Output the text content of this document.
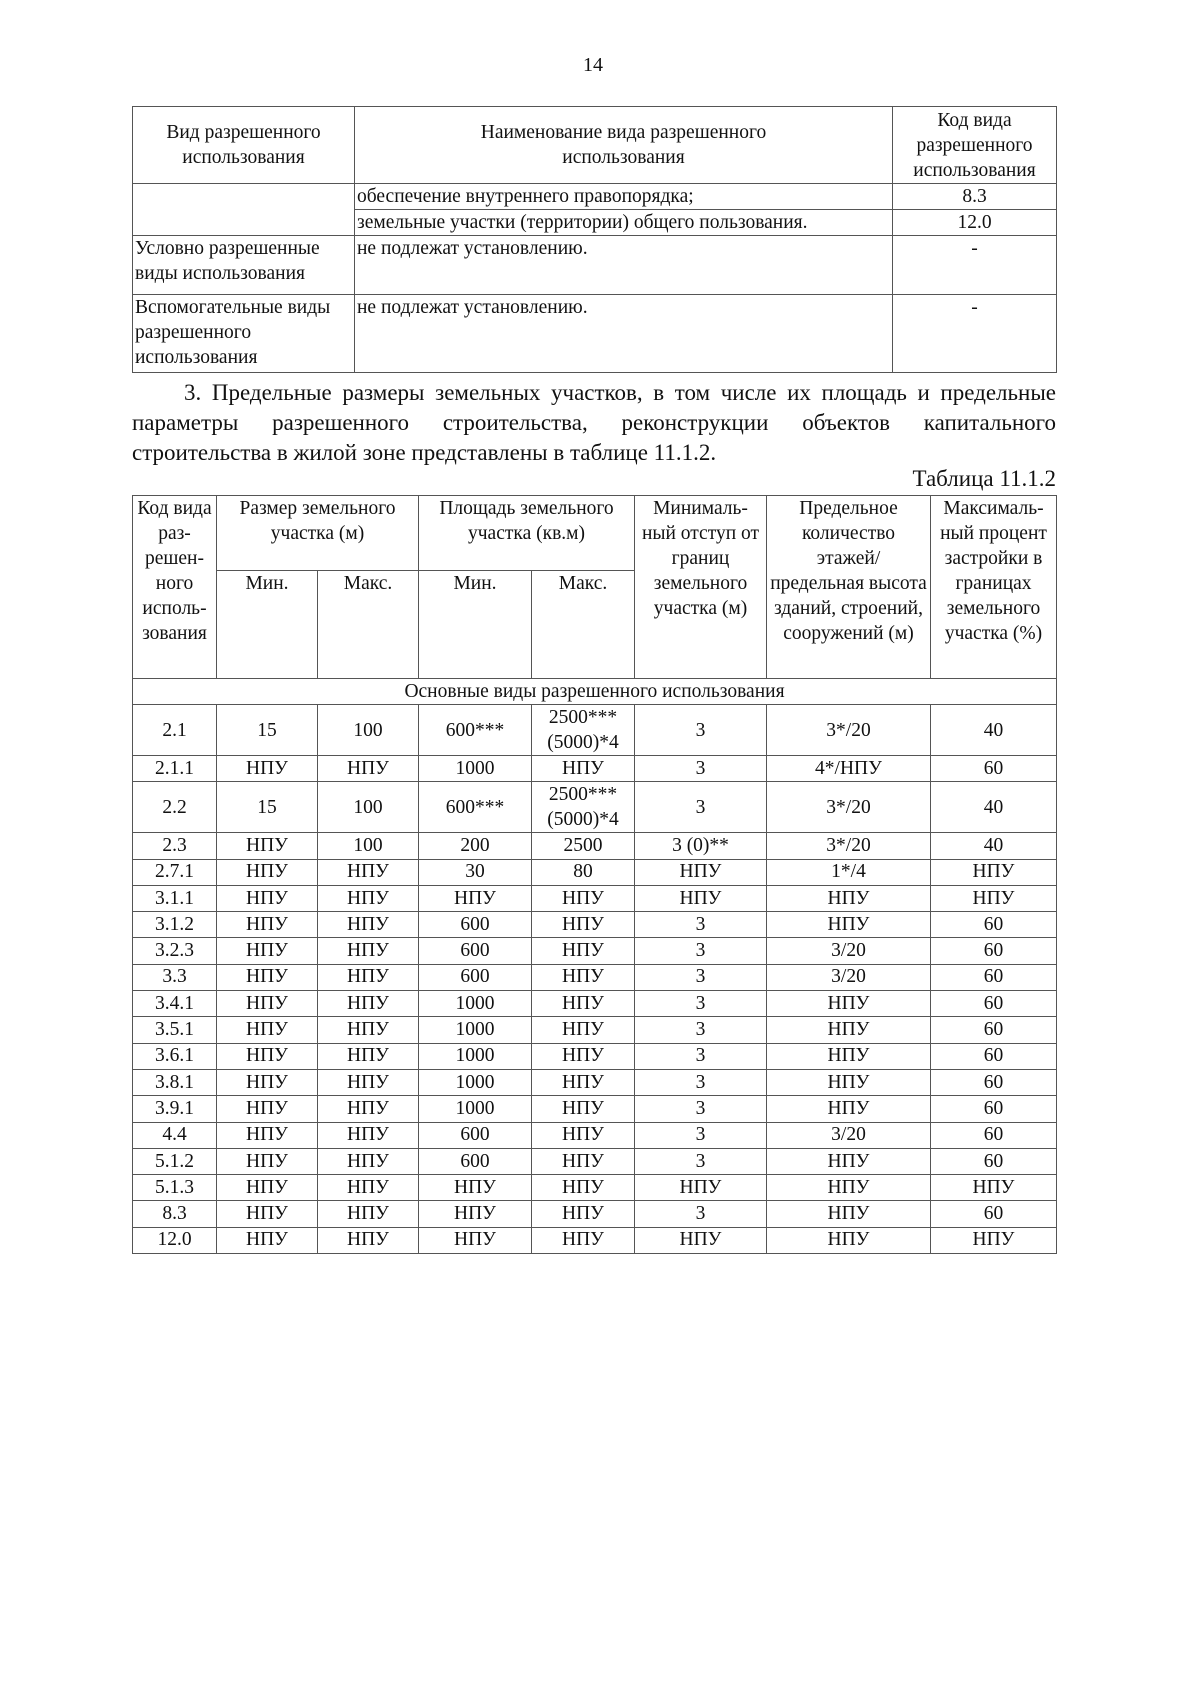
14
Вид разрешенного использования	Наименование вида разрешенного использования	Код вида разрешенного использования
	обеспечение внутреннего правопорядка;	8.3
	земельные участки (территории) общего пользования.	12.0
Условно разрешенные виды использования	не подлежат установлению.	-
Вспомогательные виды разрешенного использования	не подлежат установлению.	-
3. Предельные размеры земельных участков, в том числе их площадь и предельные параметры разрешенного строительства, реконструкции объектов капитального строительства в жилой зоне представлены в таблице 11.1.2.
Таблица 11.1.2
Код вида раз-решен-ного исполь-зования	Размер земельного участка (м)		Площадь земельного участка (кв.м)		Минималь-ный отступ от границ земельного участка (м)	Предельное количество этажей/ предельная высота зданий, строений, сооружений (м)	Максималь-ный процент застройки в границах земельного участка (%)
	Мин.	Макс.	Мин.	Макс.			
Основные виды разрешенного использования							
2.1	15	100	600***	2500*** (5000)*4	3	3*/20	40
2.1.1	НПУ	НПУ	1000	НПУ	3	4*/НПУ	60
2.2	15	100	600***	2500*** (5000)*4	3	3*/20	40
2.3	НПУ	100	200	2500	3 (0)**	3*/20	40
2.7.1	НПУ	НПУ	30	80	НПУ	1*/4	НПУ
3.1.1	НПУ	НПУ	НПУ	НПУ	НПУ	НПУ	НПУ
3.1.2	НПУ	НПУ	600	НПУ	3	НПУ	60
3.2.3	НПУ	НПУ	600	НПУ	3	3/20	60
3.3	НПУ	НПУ	600	НПУ	3	3/20	60
3.4.1	НПУ	НПУ	1000	НПУ	3	НПУ	60
3.5.1	НПУ	НПУ	1000	НПУ	3	НПУ	60
3.6.1	НПУ	НПУ	1000	НПУ	3	НПУ	60
3.8.1	НПУ	НПУ	1000	НПУ	3	НПУ	60
3.9.1	НПУ	НПУ	1000	НПУ	3	НПУ	60
4.4	НПУ	НПУ	600	НПУ	3	3/20	60
5.1.2	НПУ	НПУ	600	НПУ	3	НПУ	60
5.1.3	НПУ	НПУ	НПУ	НПУ	НПУ	НПУ	НПУ
8.3	НПУ	НПУ	НПУ	НПУ	3	НПУ	60
12.0	НПУ	НПУ	НПУ	НПУ	НПУ	НПУ	НПУ
